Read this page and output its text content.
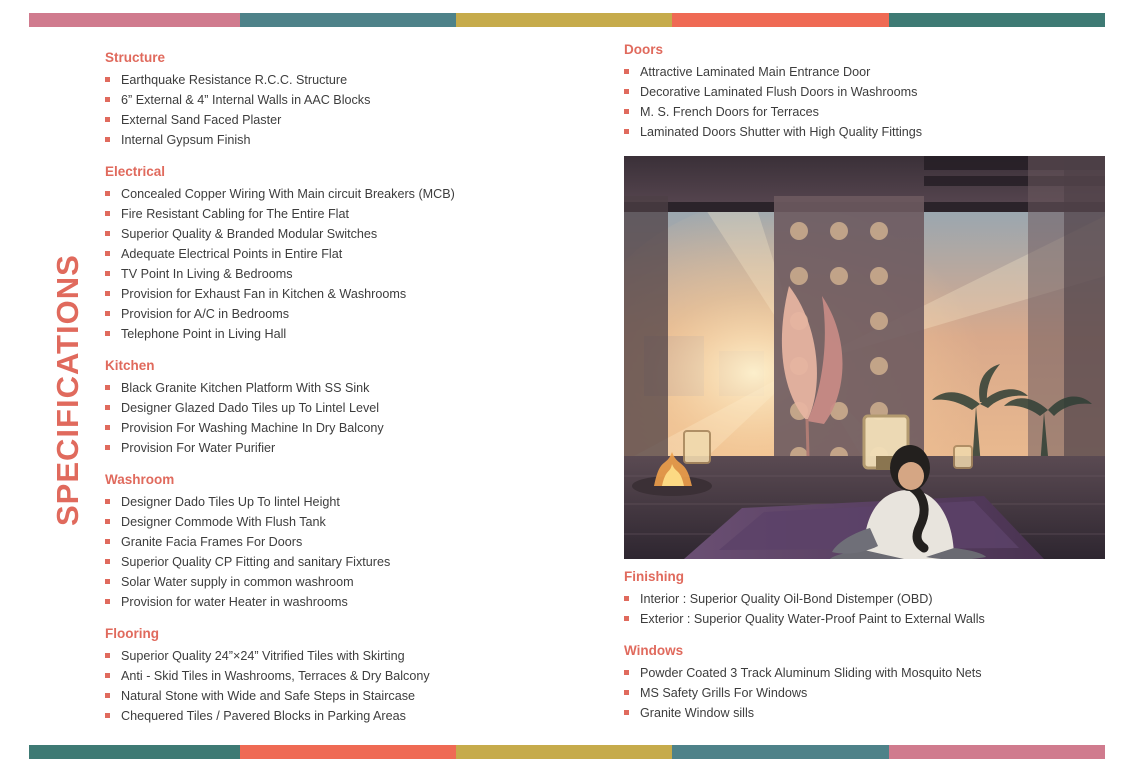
SPECIFICATIONS
Structure
Earthquake Resistance R.C.C. Structure
6” External & 4” Internal Walls in AAC Blocks
External Sand Faced Plaster
Internal Gypsum Finish
Electrical
Concealed Copper Wiring With Main circuit Breakers (MCB)
Fire Resistant Cabling for The Entire Flat
Superior Quality & Branded Modular Switches
Adequate Electrical Points in Entire Flat
TV Point In Living & Bedrooms
Provision for Exhaust Fan in Kitchen & Washrooms
Provision for A/C in Bedrooms
Telephone Point in Living Hall
Kitchen
Black Granite Kitchen Platform With SS Sink
Designer Glazed Dado Tiles up To Lintel Level
Provision For Washing Machine In Dry Balcony
Provision For Water Purifier
Washroom
Designer Dado Tiles Up To lintel Height
Designer Commode With Flush Tank
Granite Facia Frames For Doors
Superior Quality CP Fitting and sanitary Fixtures
Solar Water supply in common washroom
Provision for water Heater in washrooms
Flooring
Superior Quality 24”×24” Vitrified Tiles with Skirting
Anti - Skid Tiles in Washrooms, Terraces & Dry Balcony
Natural Stone with Wide and Safe Steps in Staircase
Chequered Tiles / Pavered Blocks in Parking Areas
Doors
Attractive Laminated Main Entrance Door
Decorative Laminated Flush Doors in Washrooms
M. S. French Doors for Terraces
Laminated Doors Shutter with High Quality Fittings
Finishing
Interior : Superior Quality Oil-Bond Distemper (OBD)
Exterior : Superior Quality Water-Proof Paint to External Walls
Windows
Powder Coated 3 Track Aluminum Sliding with Mosquito Nets
MS Safety Grills For Windows
Granite Window sills
